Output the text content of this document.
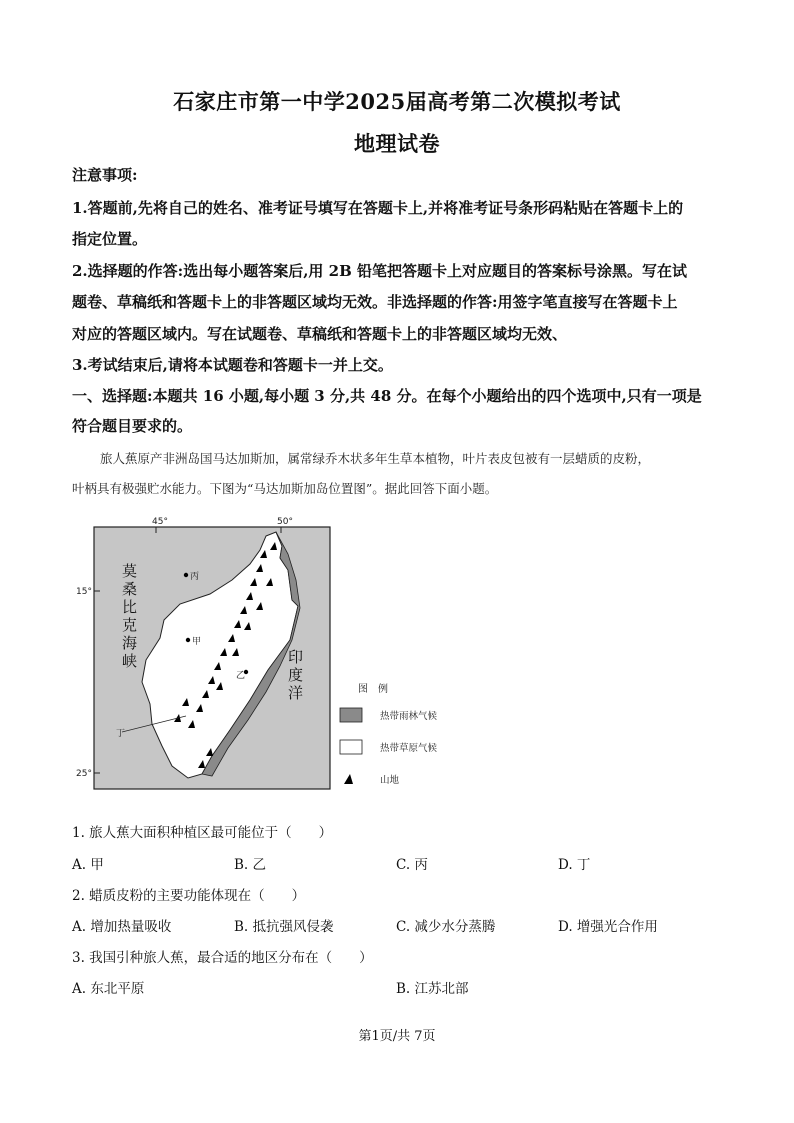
石家庄市第一中学2025届高考第二次模拟考试
地理试卷
注意事项:
1.答题前,先将自己的姓名、准考证号填写在答题卡上,并将准考证号条形码粘贴在答题卡上的
指定位置。
2.选择题的作答:选出每小题答案后,用 2B 铅笔把答题卡上对应题目的答案标号涂黑。写在试
题卷、草稿纸和答题卡上的非答题区域均无效。非选择题的作答:用签字笔直接写在答题卡上
对应的答题区域内。写在试题卷、草稿纸和答题卡上的非答题区域均无效、
3.考试结束后,请将本试题卷和答题卡一并上交。
一、选择题:本题共 16 小题,每小题 3 分,共 48 分。在每个小题给出的四个选项中,只有一项是
符合题目要求的。
旅人蕉原产非洲岛国马达加斯加，属常绿乔木状多年生草本植物，叶片表皮包被有一层蜡质的皮粉，
叶柄具有极强贮水能力。下图为“马达加斯加岛位置图”。据此回答下面小题。
45°	50°
15°
25°
丁
丙
甲
乙
莫
桑
比
克
海
峡	印
度
洋	图　例
热带雨林气候
热带草原气候
山地
1. 旅人蕉大面积种植区最可能位于（　　）
A. 甲	B. 乙	C. 丙	D. 丁
2. 蜡质皮粉的主要功能体现在（　　）
A. 增加热量吸收	B. 抵抗强风侵袭	C. 减少水分蒸腾	D. 增强光合作用
3. 我国引种旅人蕉，最合适的地区分布在（　　）
A. 东北平原	B. 江苏北部
第1页/共 7页
